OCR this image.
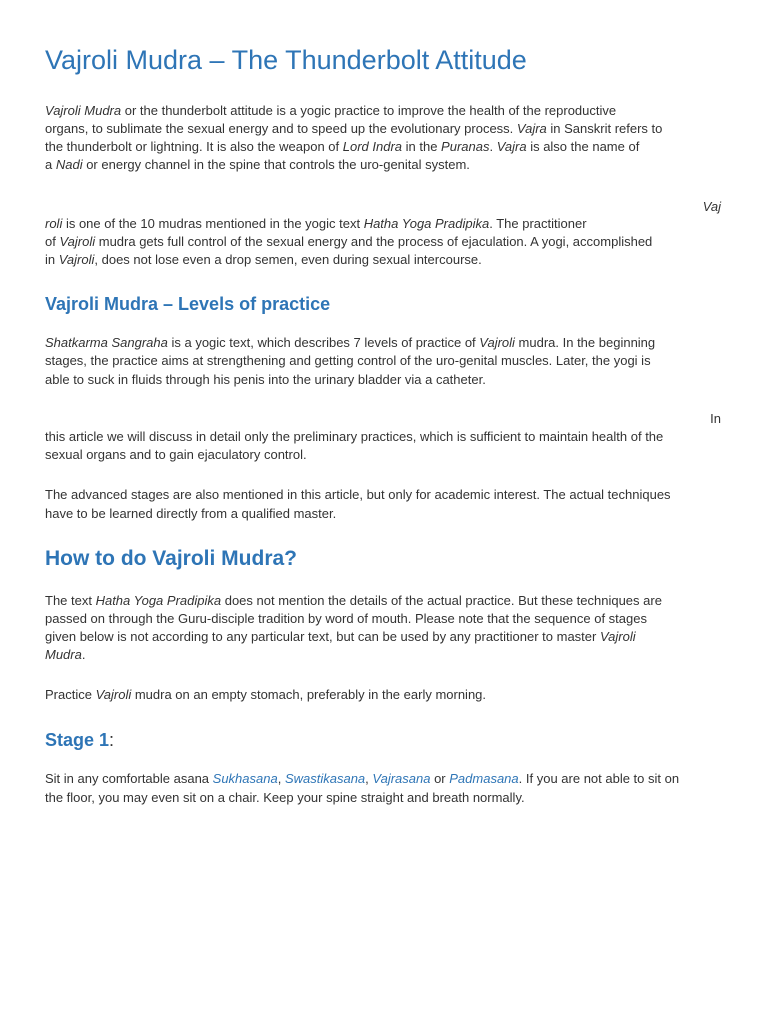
Vajroli Mudra – The Thunderbolt Attitude
Vajroli Mudra or the thunderbolt attitude is a yogic practice to improve the health of the reproductive
organs, to sublimate the sexual energy and to speed up the evolutionary process. Vajra in Sanskrit refers to
the thunderbolt or lightning. It is also the weapon of Lord Indra in the Puranas. Vajra is also the name of
a Nadi or energy channel in the spine that controls the uro-genital system.
Vaj
roli is one of the 10 mudras mentioned in the yogic text Hatha Yoga Pradipika. The practitioner
of Vajroli mudra gets full control of the sexual energy and the process of ejaculation. A yogi, accomplished
in Vajroli, does not lose even a drop semen, even during sexual intercourse.
Vajroli Mudra – Levels of practice
Shatkarma Sangraha is a yogic text, which describes 7 levels of practice of Vajroli mudra. In the beginning
stages, the practice aims at strengthening and getting control of the uro-genital muscles. Later, the yogi is
able to suck in fluids through his penis into the urinary bladder via a catheter.
In
this article we will discuss in detail only the preliminary practices, which is sufficient to maintain health of the
sexual organs and to gain ejaculatory control.
The advanced stages are also mentioned in this article, but only for academic interest. The actual techniques
have to be learned directly from a qualified master.
How to do Vajroli Mudra?
The text Hatha Yoga Pradipika does not mention the details of the actual practice. But these techniques are
passed on through the Guru-disciple tradition by word of mouth. Please note that the sequence of stages
given below is not according to any particular text, but can be used by any practitioner to master Vajroli
Mudra.
Practice Vajroli mudra on an empty stomach, preferably in the early morning.
Stage 1:
Sit in any comfortable asana Sukhasana, Swastikasana, Vajrasana or Padmasana. If you are not able to sit on
the floor, you may even sit on a chair. Keep your spine straight and breath normally.
